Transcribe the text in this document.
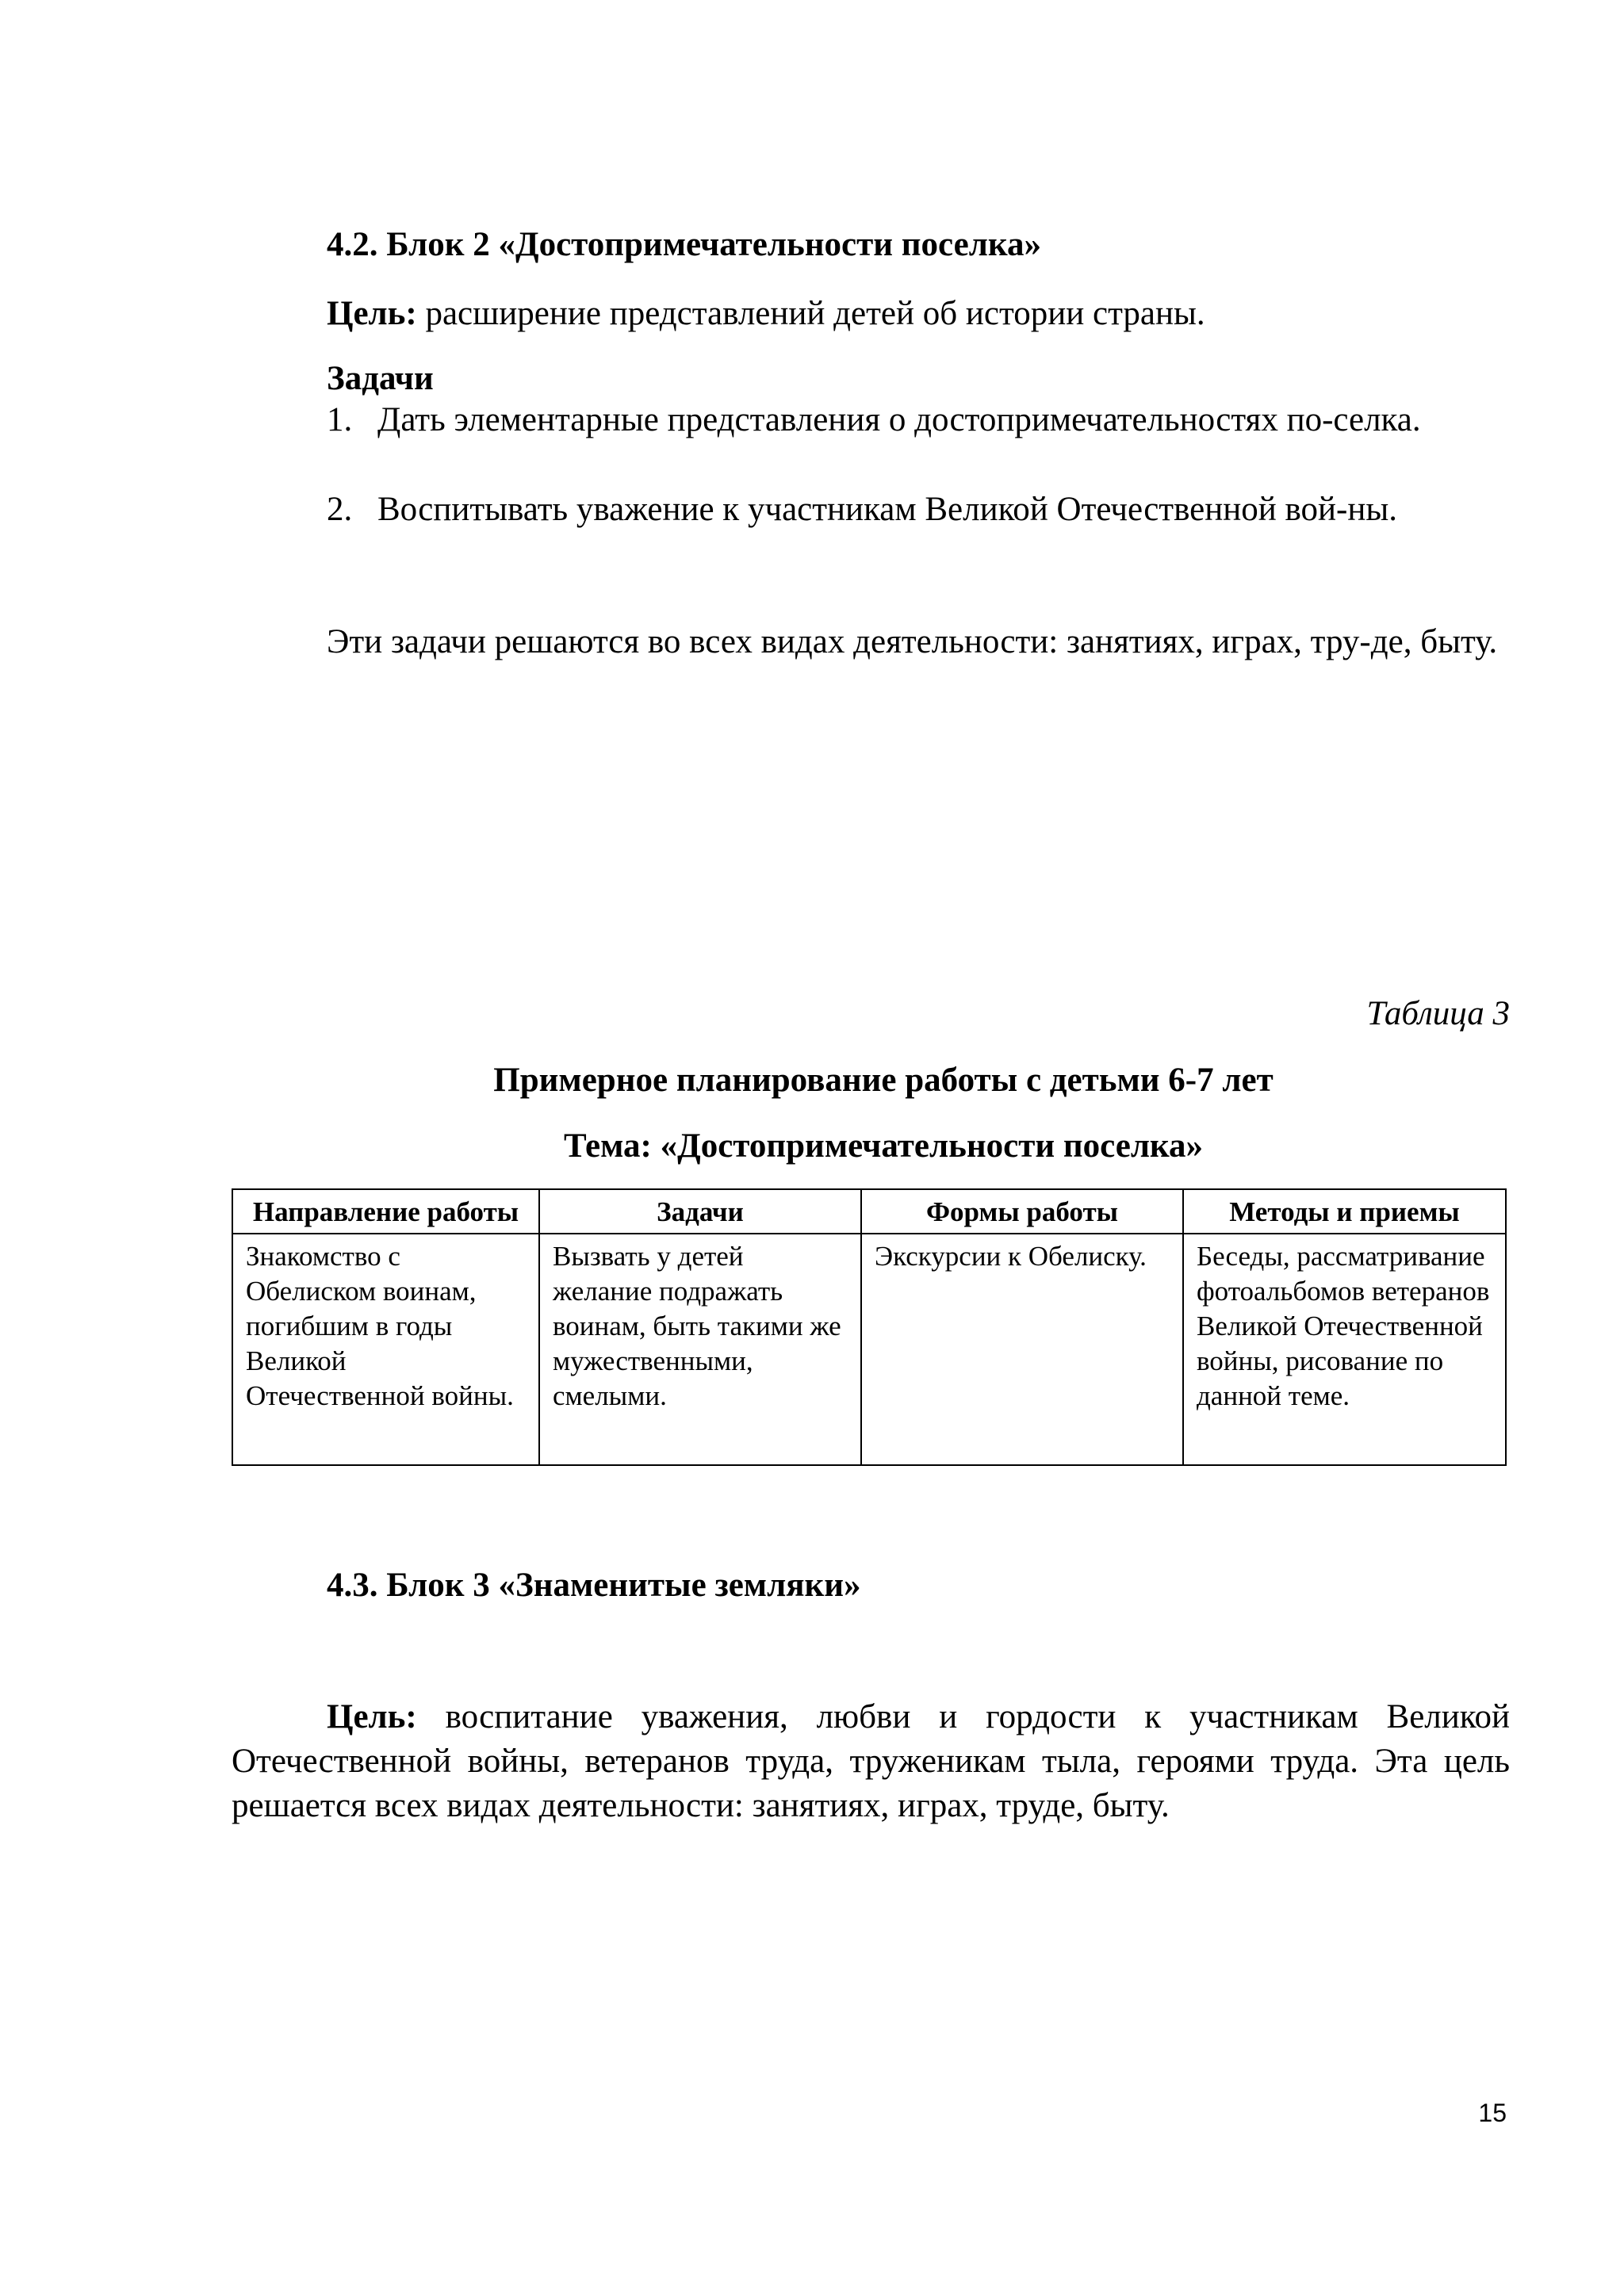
4.2. Блок 2 «Достопримечательности поселка»

Цель: расширение представлений детей об истории страны.

Задачи

1. Дать элементарные представления о достопримечательностях по-селка.
2. Воспитывать уважение к участникам Великой Отечественной вой-ны.

Эти задачи решаются во всех видах деятельности: занятиях, играх, тру-де, быту.

Таблица 3

Примерное планирование работы с детьми 6-7 лет

Тема: «Достопримечательности поселка»

Направление работы	Задачи	Формы работы	Методы и приемы
Знакомство с Обелиском воинам, погибшим в годы Великой Отечественной войны.	Вызвать у детей желание подражать воинам, быть такими же мужественными, смелыми.	Экскурсии к Обелиску.	Беседы, рассматривание фотоальбомов ветеранов Великой Отечественной войны, рисование по данной теме.
4.3. Блок 3 «Знаменитые земляки»

Цель: воспитание уважения, любви и гордости к участникам Великой Отечественной войны, ветеранов труда, труженикам тыла, героями труда. Эта цель решается всех видах деятельности: занятиях, играх, труде, быту.

15
